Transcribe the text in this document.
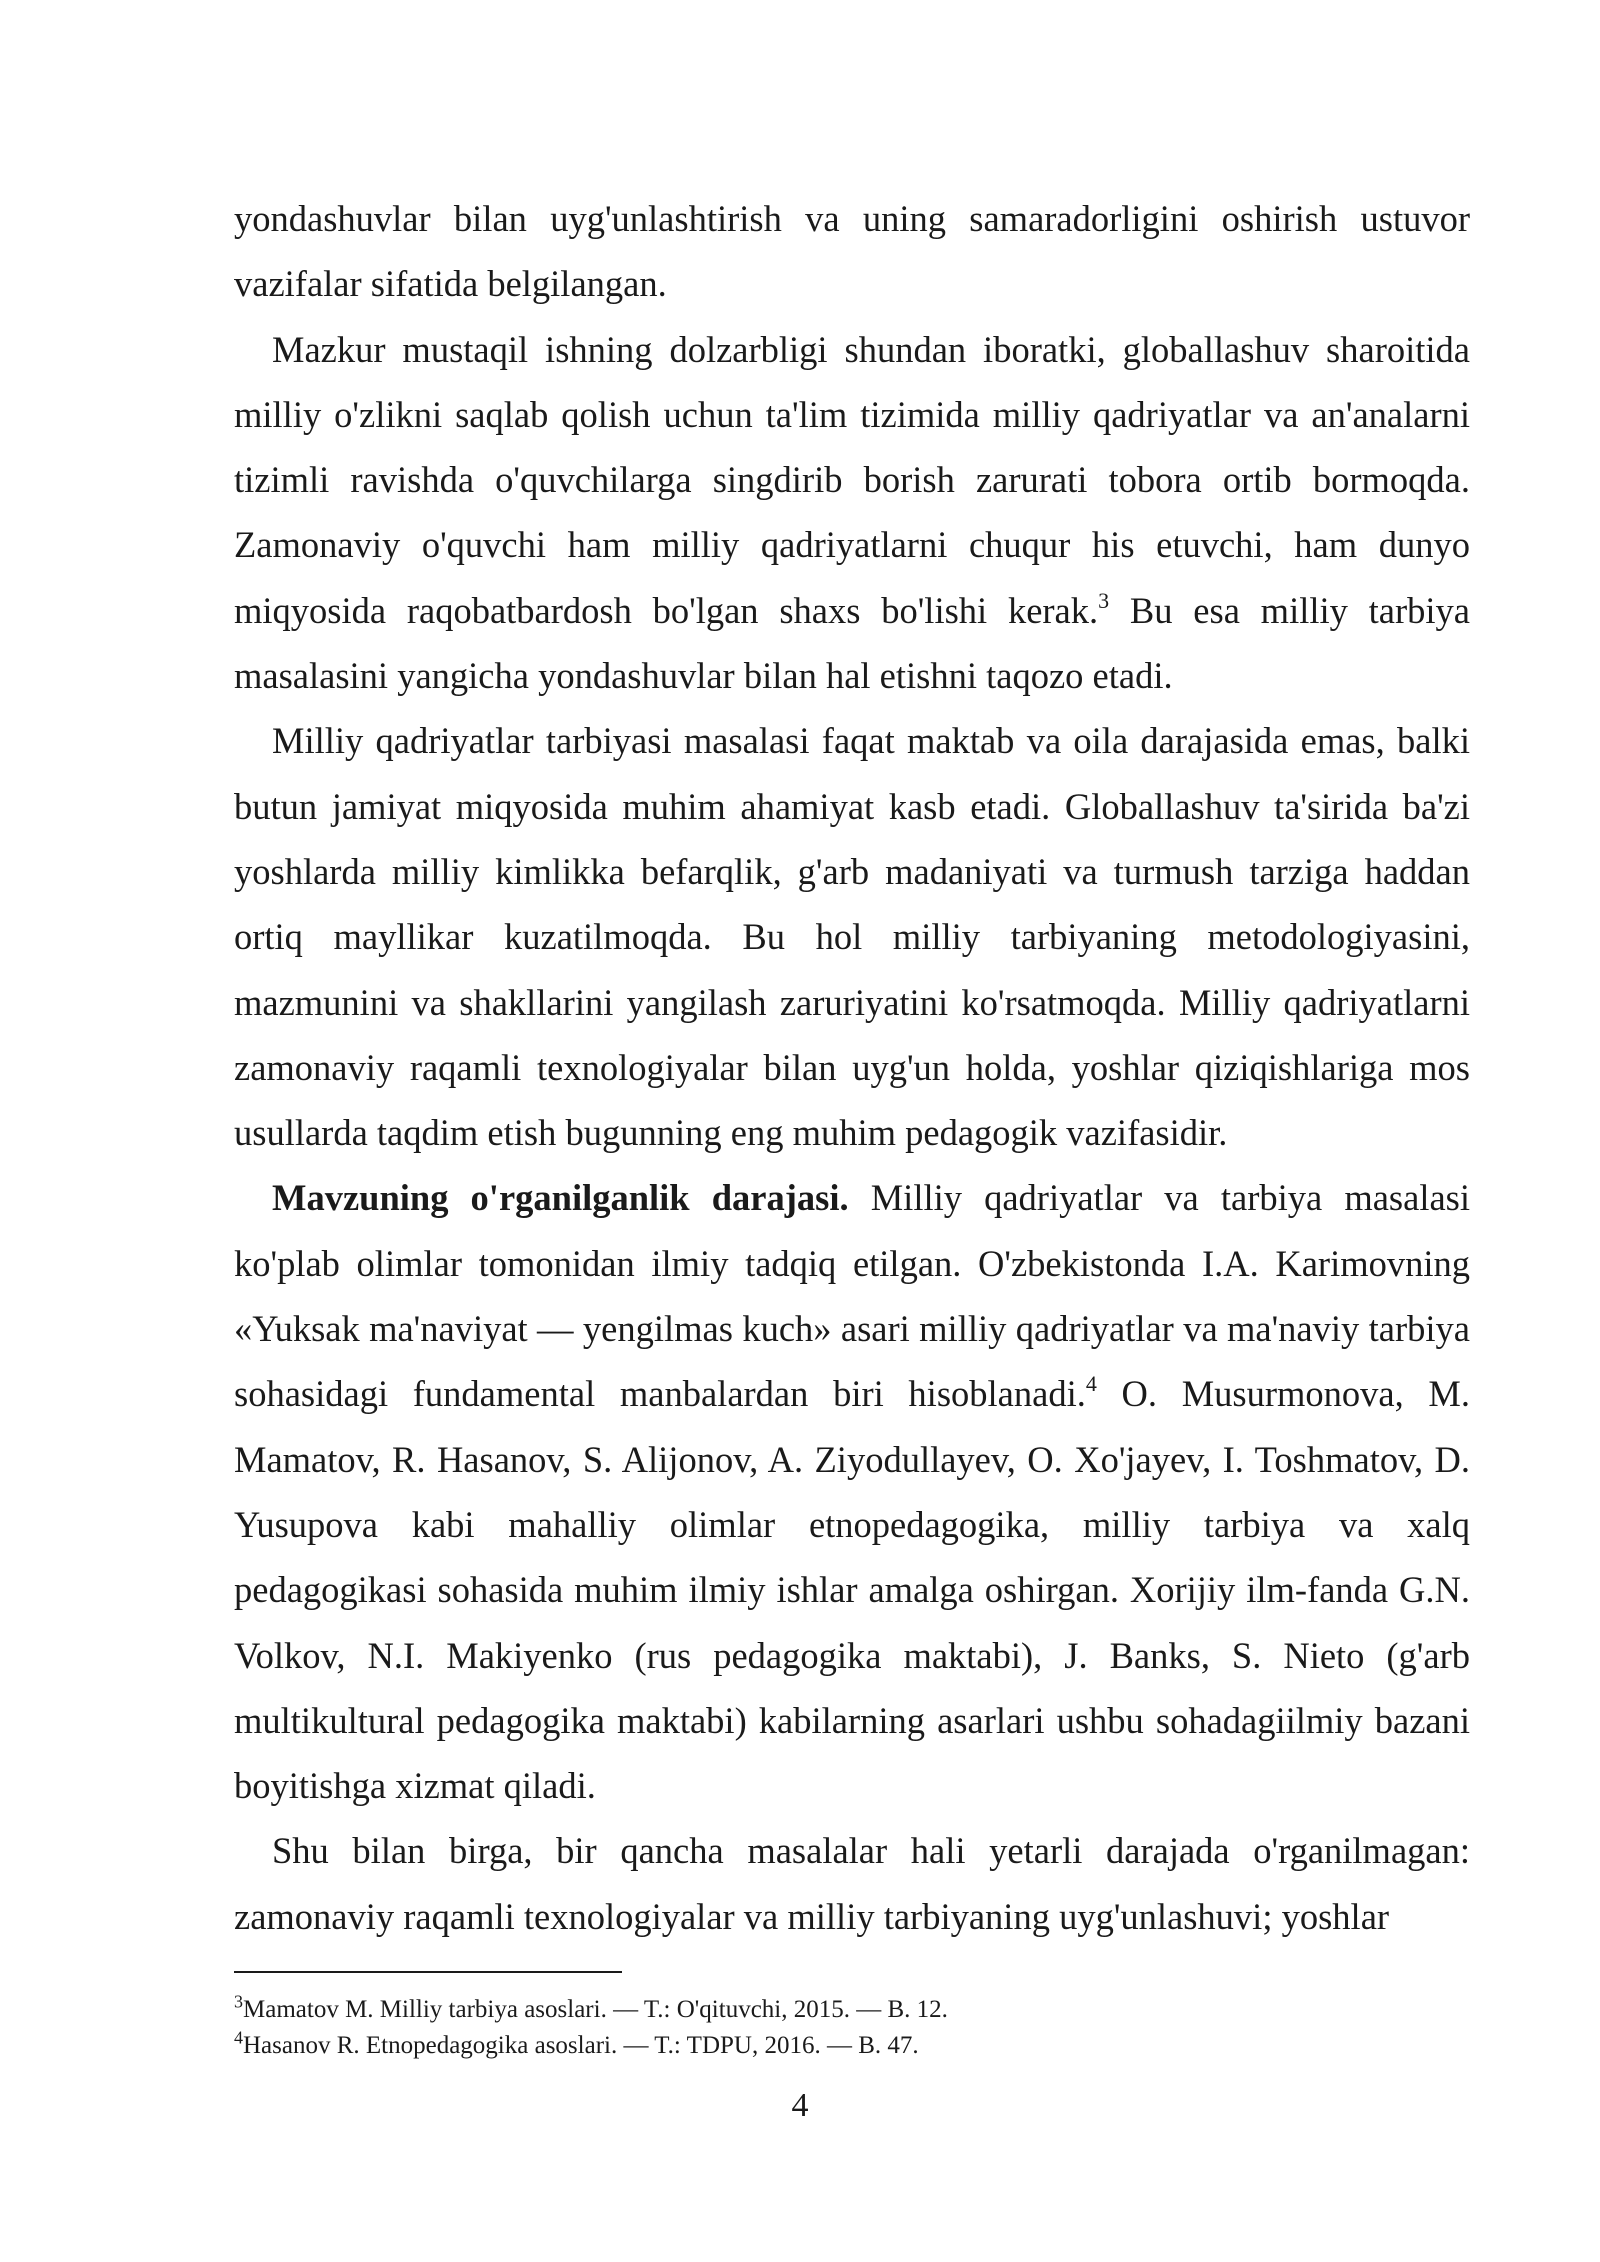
yondashuvlar bilan uyg'unlashtirish va uning samaradorligini oshirish ustuvor vazifalar sifatida belgilangan.

Mazkur mustaqil ishning dolzarbligi shundan iboratki, globallashuv sharoitida milliy o'zlikni saqlab qolish uchun ta'lim tizimida milliy qadriyatlar va an'analarni tizimli ravishda o'quvchilarga singdirib borish zarurati tobora ortib bormoqda. Zamonaviy o'quvchi ham milliy qadriyatlarni chuqur his etuvchi, ham dunyo miqyosida raqobatbardosh bo'lgan shaxs bo'lishi kerak.$^3$ Bu esa milliy tarbiya masalasini yangicha yondashuvlar bilan hal etishni taqozo etadi.

Milliy qadriyatlar tarbiyasi masalasi faqat maktab va oila darajasida emas, balki butun jamiyat miqyosida muhim ahamiyat kasb etadi. Globallashuv ta'sirida ba'zi yoshlarda milliy kimlikka befarqlik, g'arb madaniyati va turmush tarziga haddan ortiq mayllikar kuzatilmoqda. Bu hol milliy tarbiyaning metodologiyasini, mazmunini va shakllarini yangilash zaruriyatini ko'rsatmoqda. Milliy qadriyatlarni zamonaviy raqamli texnologiyalar bilan uyg'un holda, yoshlar qiziqishlariga mos usullarda taqdim etish bugunning eng muhim pedagogik vazifasidir.

Mavzuning o'rganilganlik darajasi. Milliy qadriyatlar va tarbiya masalasi ko'plab olimlar tomonidan ilmiy tadqiq etilgan. O'zbekistonda I.A. Karimovning «Yuksak ma'naviyat — yengilmas kuch» asari milliy qadriyatlar va ma'naviy tarbiya sohasidagi fundamental manbalardan biri hisoblanadi.$^4$ O. Musurmonova, M. Mamatov, R. Hasanov, S. Alijonov, A. Ziyodullayev, O. Xo'jayev, I. Toshmatov, D. Yusupova kabi mahalliy olimlar etnopedagogika, milliy tarbiya va xalq pedagogikasi sohasida muhim ilmiy ishlar amalga oshirgan. Xorijiy ilm-fanda G.N. Volkov, N.I. Makiyenko (rus pedagogika maktabi), J. Banks, S. Nieto (g'arb multikultural pedagogika maktabi) kabilarning asarlari ushbu sohadagiilmiy bazani boyitishga xizmat qiladi.

Shu bilan birga, bir qancha masalalar hali yetarli darajada o'rganilmagan: zamonaviy raqamli texnologiyalar va milliy tarbiyaning uyg'unlashuvi; yoshlar

$^3$Mamatov M. Milliy tarbiya asoslari. — T.: O'qituvchi, 2015. — B. 12.

$^4$Hasanov R. Etnopedagogika asoslari. — T.: TDPU, 2016. — B. 47.

4
